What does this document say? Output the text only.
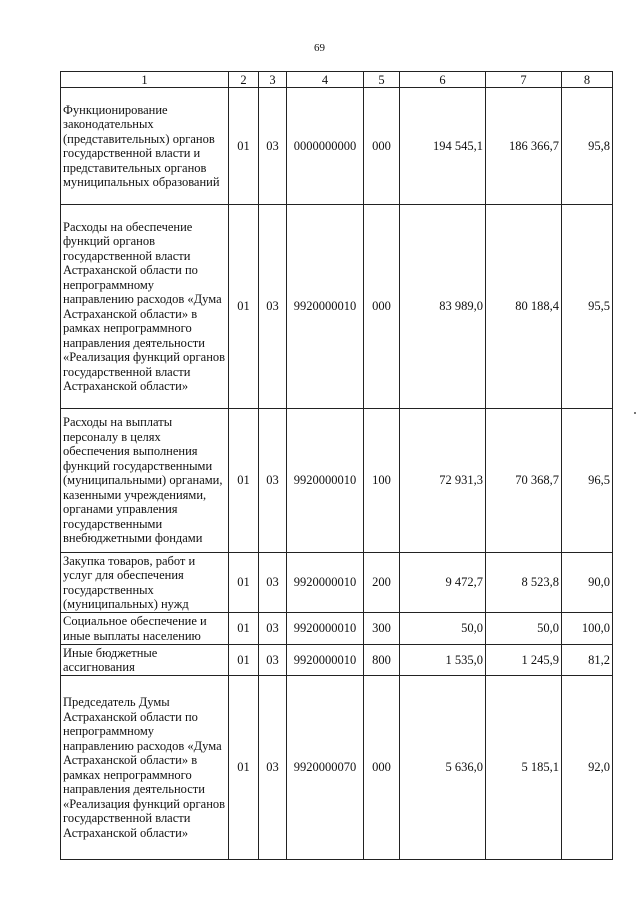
69
1	2	3	4	5	6	7	8
Функционирование законодательных (представительных) органов государственной власти и представительных органов муниципальных образований	01	03	0000000000	000	194 545,1	186 366,7	95,8
Расходы на обеспечение функций органов государственной власти Астраханской области по непрограммному направлению расходов «Дума Астраханской области» в рамках непрограммного направления деятельности «Реализация функций органов государственной власти Астраханской области»	01	03	9920000010	000	83 989,0	80 188,4	95,5
Расходы на выплаты персоналу в целях обеспечения выполнения функций государственными (муниципальными) органами, казенными учреждениями, органами управления государственными внебюджетными фондами	01	03	9920000010	100	72 931,3	70 368,7	96,5
Закупка товаров, работ и услуг для обеспечения государственных (муниципальных) нужд	01	03	9920000010	200	9 472,7	8 523,8	90,0
Социальное обеспечение и иные выплаты населению	01	03	9920000010	300	50,0	50,0	100,0
Иные бюджетные ассигнования	01	03	9920000010	800	1 535,0	1 245,9	81,2
Председатель Думы Астраханской области по непрограммному направлению расходов «Дума Астраханской области» в рамках непрограммного направления деятельности «Реализация функций органов государственной власти Астраханской области»	01	03	9920000070	000	5 636,0	5 185,1	92,0
